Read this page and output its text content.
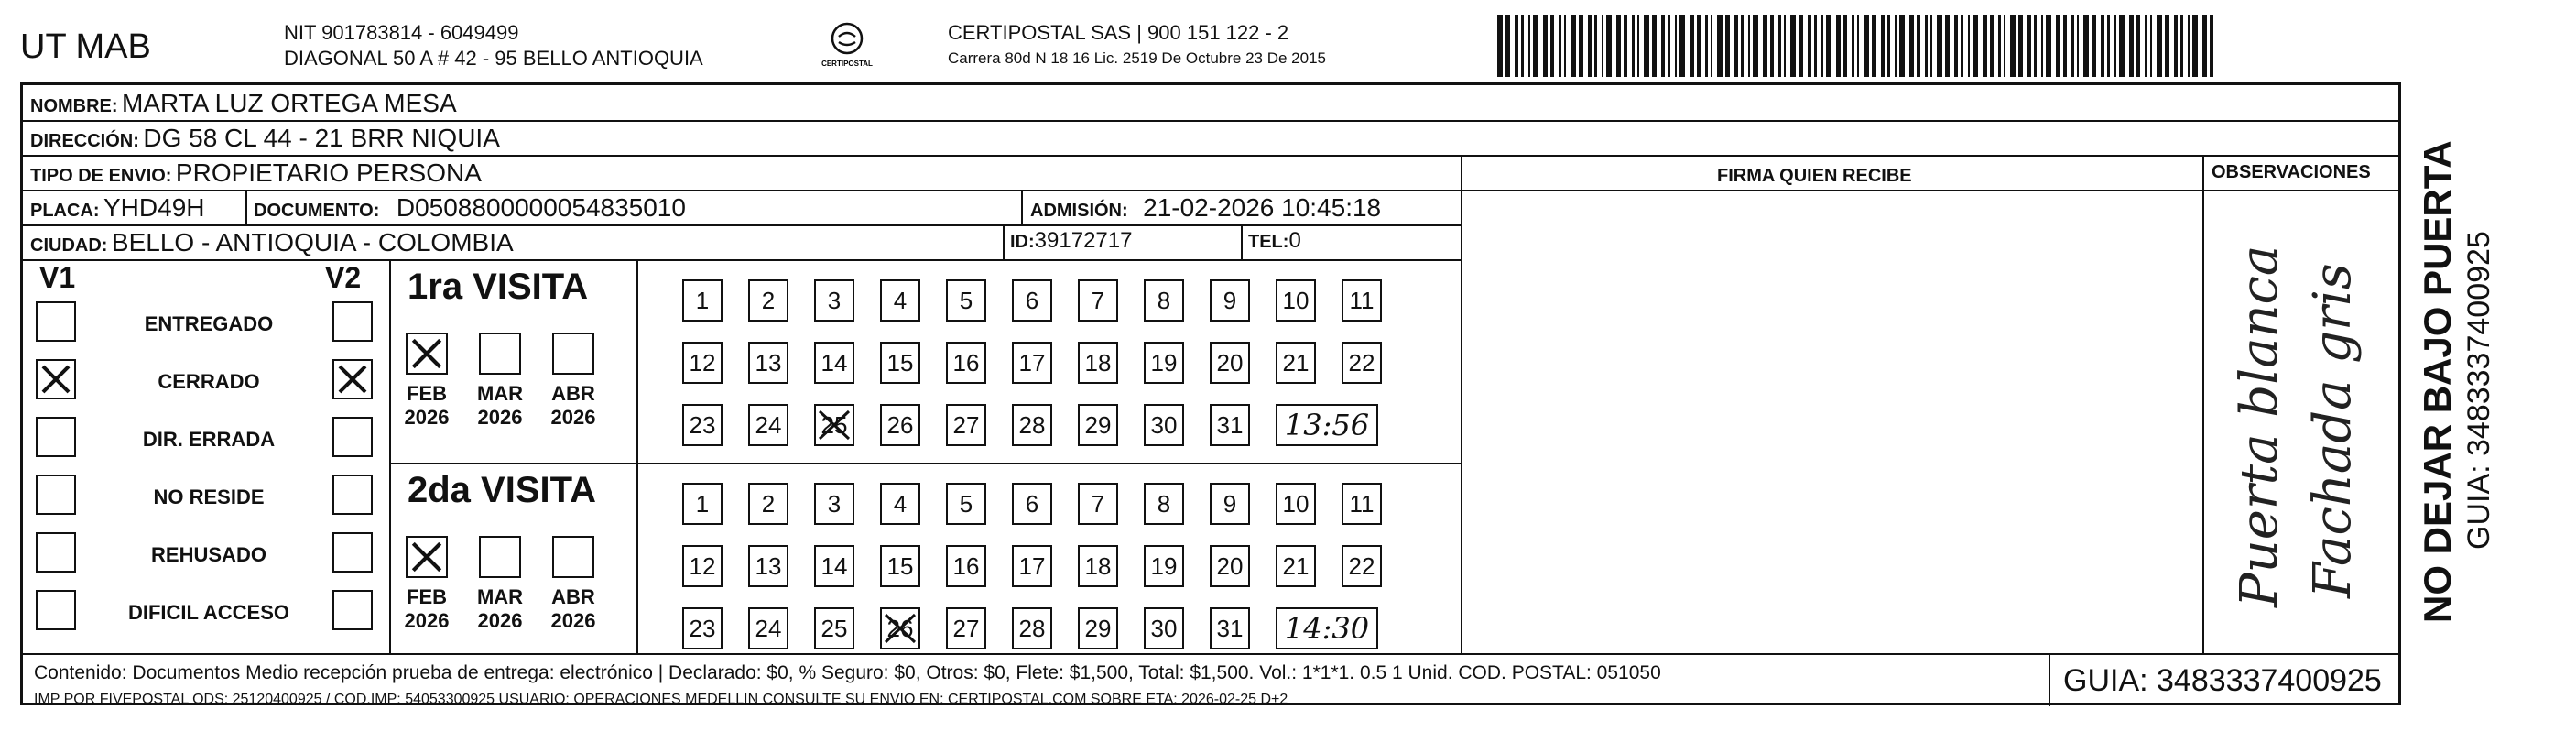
UT MAB	NIT 901783814 - 6049499
DIAGONAL 50 A # 42 - 95 BELLO ANTIOQUIA	CERTIPOSTAL
CERTIPOSTAL SAS | 900 151 122 - 2
Carrera 80d N 18 16 Lic. 2519 De Octubre 23 De 2015
NOMBRE: MARTA LUZ ORTEGA MESA
DIRECCIÓN: DG 58 CL 44 - 21 BRR NIQUIA
TIPO DE ENVIO: PROPIETARIO PERSONA	FIRMA QUIEN RECIBE	OBSERVACIONES
PLACA: YHD49H	DOCUMENTO: D0508800000054835010	ADMISIÓN: 21-02-2026 10:45:18
CIUDAD: BELLO - ANTIOQUIA - COLOMBIA	ID:39172717	TEL:0
V1	V2
ENTREGADO
CERRADO
DIR. ERRADA
NO RESIDE
REHUSADO
DIFICIL ACCESO
1ra VISITA
FEB
2026
MAR
2026
ABR
2026
1	2	3	4	5	6	7	8	9	10	11
12 13 14 15 16 17 18 19 20 21 22
23 24 25 26 27 28 29 30 31	13:56
2da VISITA
FEB
2026
MAR
2026
ABR
2026
1	2	3	4	5	6	7	8	9	10	11
12 13 14 15 16 17 18 19 20 21 22
23 24 25 26 27 28 29 30 31	14:30
Puerta blanca Fachada gris
Contenido: Documentos Medio recepción prueba de entrega: electrónico | Declarado: $0, % Seguro: $0, Otros: $0, Flete: $1,500, Total: $1,500. Vol.: 1*1*1. 0.5 1 Unid. COD. POSTAL: 051050
IMP POR FIVEPOSTAL ODS: 25120400925 / COD.IMP: 54053300925 USUARIO: OPERACIONES MEDELLIN CONSULTE SU ENVIO EN: CERTIPOSTAL.COM SOBRE ETA: 2026-02-25 D+2
GUIA: 3483337400925
NO DEJAR BAJO PUERTA GUIA: 3483337400925
